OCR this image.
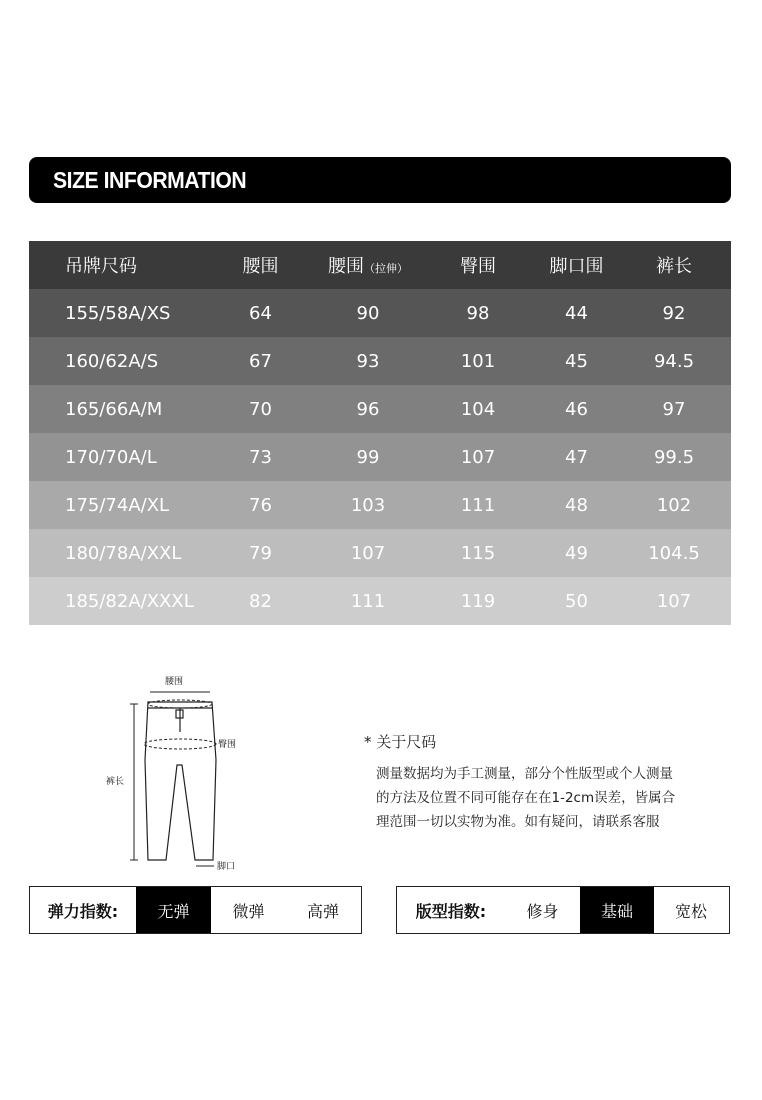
SIZE INFORMATION
吊牌尺码	腰围	腰围（拉伸）	臀围	脚口围	裤长
155/58A/XS	64	90	98	44	92
160/62A/S	67	93	101	45	94.5
165/66A/M	70	96	104	46	97
170/70A/L	73	99	107	47	99.5
175/74A/XL	76	103	111	48	102
180/78A/XXL	79	107	115	49	104.5
185/82A/XXXL	82	111	119	50	107
腰围
臀围
裤长
脚口
* 关于尺码
测量数据均为手工测量，部分个性版型或个人测量
的方法及位置不同可能存在在1-2cm误差，皆属合
理范围一切以实物为准。如有疑问，请联系客服
弹力指数:	无弹	微弹	高弹	版型指数:	修身	基础	宽松
